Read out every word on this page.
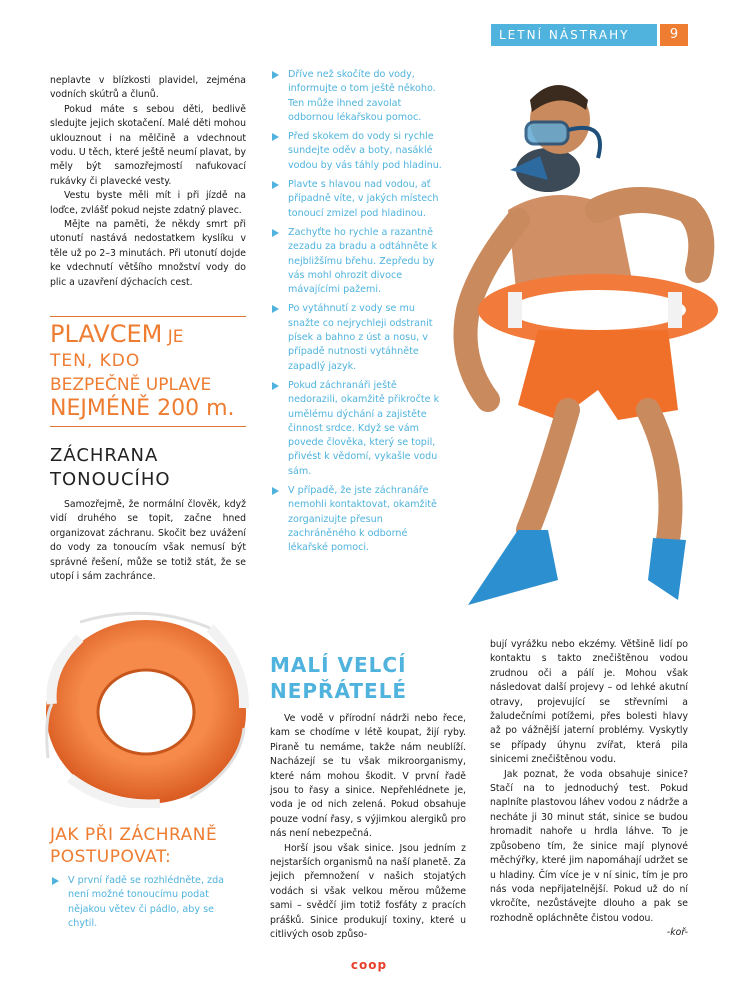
LETNÍ NÁSTRAHY	9

neplavte v blízkosti plavidel, zejména vodních skútrů a člunů.

Pokud máte s sebou děti, bedlivě sledujte jejich skotačení. Malé děti mohou uklouznout i na mělčině a vdechnout vodu. U těch, které ještě neumí plavat, by měly být samozřejmostí nafukovací rukávky či plavecké vesty.

Vestu byste měli mít i při jízdě na loďce, zvlášť pokud nejste zdatný plavec.

Mějte na paměti, že někdy smrt při utonutí nastává nedostatkem kyslíku v těle už po 2–3 minutách. Při utonutí dojde ke vdechnutí většího množství vody do plic a uzavření dýchacích cest.

PLAVCEM JE
TEN, KDO
BEZPEČNĚ UPLAVE
NEJMÉNĚ 200 m.
ZÁCHRANA
TONOUCÍHO

Samozřejmě, že normální člověk, když vidí druhého se topit, začne hned organizovat záchranu. Skočit bez uvážení do vody za tonoucím však nemusí být správné řešení, může se totiž stát, že se utopí i sám zachránce.

JAK PŘI ZÁCHRANĚ
POSTUPOVAT:
V první řadě se rozhlédněte, zda není možné tonoucímu podat nějakou větev či pádlo, aby se chytil.
Dříve než skočíte do vody, informujte o tom ještě někoho. Ten může ihned zavolat odbornou lékařskou pomoc.
Před skokem do vody si rychle sundejte oděv a boty, nasáklé vodou by vás táhly pod hladinu.
Plavte s hlavou nad vodou, ať případně víte, v jakých místech tonoucí zmizel pod hladinou.
Zachyťte ho rychle a razantně zezadu za bradu a odtáhněte k nejbližšímu břehu. Zepředu by vás mohl ohrozit divoce mávajícími pažemi.
Po vytáhnutí z vody se mu snažte co nejrychleji odstranit písek a bahno z úst a nosu, v případě nutnosti vytáhněte zapadlý jazyk.
Pokud záchranáři ještě nedorazili, okamžitě přikročte k umělému dýchání a zajistěte činnost srdce. Když se vám povede člověka, který se topil, přivést k vědomí, vykašle vodu sám.
V případě, že jste záchranáře nemohli kontaktovat, okamžitě zorganizujte přesun zachráněného k odborné lékařské pomoci.
MALÍ VELCÍ
NEPŘÁTELÉ

Ve vodě v přírodní nádrži nebo řece, kam se chodíme v létě koupat, žijí ryby. Piraně tu nemáme, takže nám neublíží. Nacházejí se tu však mikroorganismy, které nám mohou škodit. V první řadě jsou to řasy a sinice. Nepřehlédnete je, voda je od nich zelená. Pokud obsahuje pouze vodní řasy, s výjimkou alergiků pro nás není nebezpečná.

Horší jsou však sinice. Jsou jedním z nejstarších organismů na naší planetě. Za jejich přemnožení v našich stojatých vodách si však velkou měrou můžeme sami – svědčí jim totiž fosfáty z pracích prášků. Sinice produkují toxiny, které u citlivých osob způso-

bují vyrážku nebo ekzémy. Většině lidí po kontaktu s takto znečištěnou vodou zrudnou oči a pálí je. Mohou však následovat další projevy – od lehké akutní otravy, projevující se střevními a žaludečními potížemi, přes bolesti hlavy až po vážnější jaterní problémy. Vyskytly se případy úhynu zvířat, která pila sinicemi znečištěnou vodu.

Jak poznat, že voda obsahuje sinice? Stačí na to jednoduchý test. Pokud naplníte plastovou láhev vodou z nádrže a necháte ji 30 minut stát, sinice se budou hromadit nahoře u hrdla láhve. To je způsobeno tím, že sinice mají plynové měchýřky, které jim napomáhají udržet se u hladiny. Čím více je v ní sinic, tím je pro nás voda nepřijatelnější. Pokud už do ní vkročíte, nezůstávejte dlouho a pak se rozhodně opláchněte čistou vodou.

-koř-
coop
